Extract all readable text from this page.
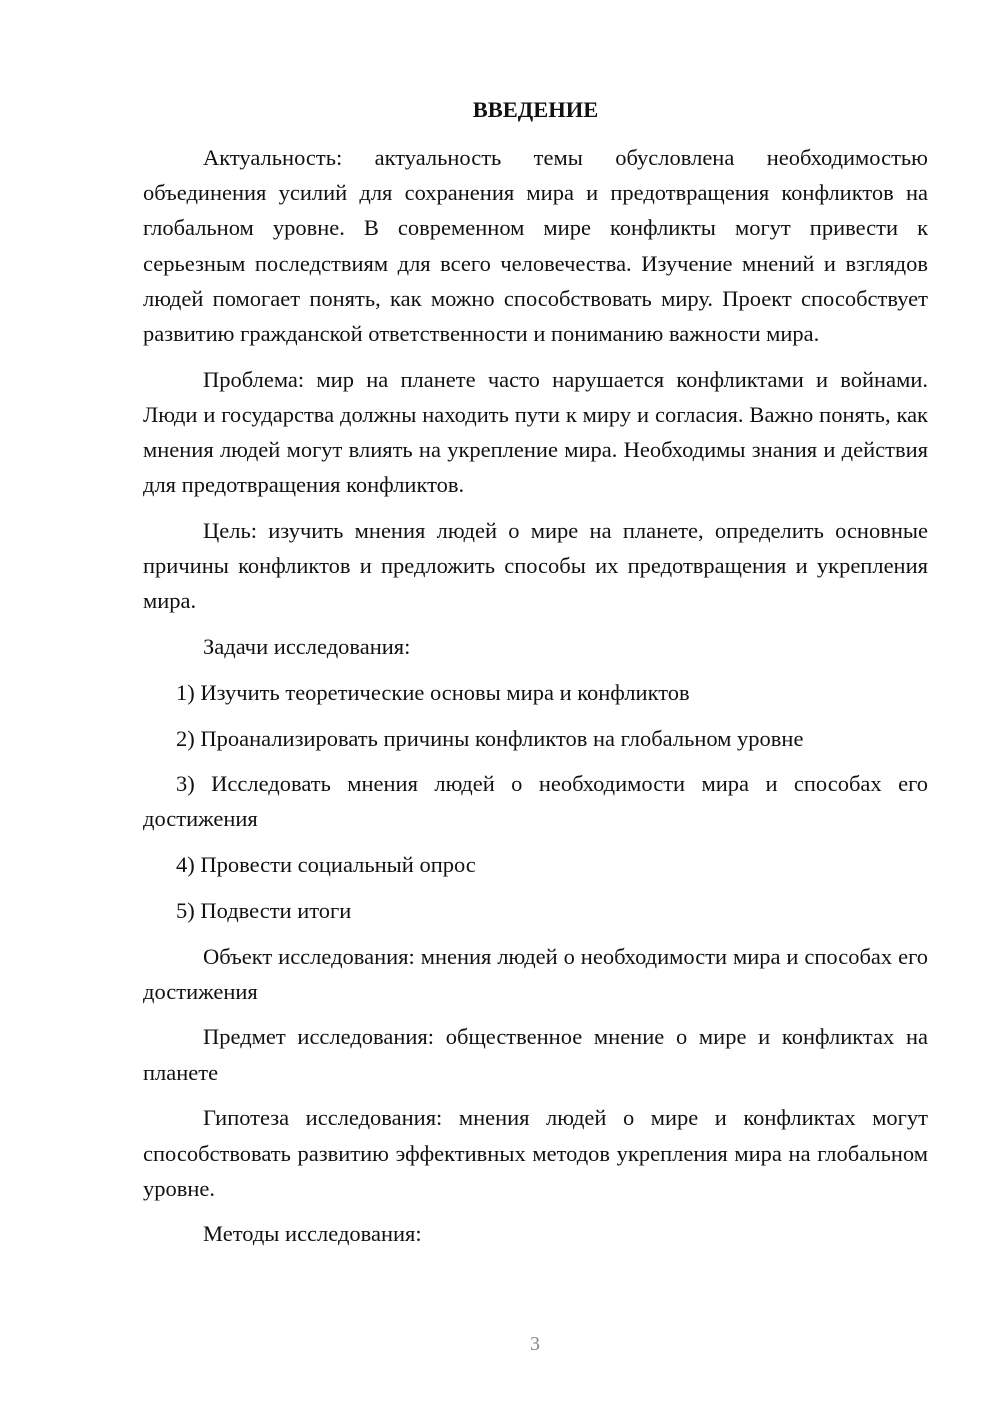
ВВЕДЕНИЕ

Актуальность: актуальность темы обусловлена необходимостью объединения усилий для сохранения мира и предотвращения конфликтов на глобальном уровне. В современном мире конфликты могут привести к серьезным последствиям для всего человечества. Изучение мнений и взглядов людей помогает понять, как можно способствовать миру. Проект способствует развитию гражданской ответственности и пониманию важности мира.

Проблема: мир на планете часто нарушается конфликтами и войнами. Люди и государства должны находить пути к миру и согласия. Важно понять, как мнения людей могут влиять на укрепление мира. Необходимы знания и действия для предотвращения конфликтов.

Цель: изучить мнения людей о мире на планете, определить основные причины конфликтов и предложить способы их предотвращения и укрепления мира.

Задачи исследования:

1) Изучить теоретические основы мира и конфликтов

2) Проанализировать причины конфликтов на глобальном уровне

3) Исследовать мнения людей о необходимости мира и способах его достижения

4) Провести социальный опрос

5) Подвести итоги

Объект исследования: мнения людей о необходимости мира и способах его достижения

Предмет исследования: общественное мнение о мире и конфликтах на планете

Гипотеза исследования: мнения людей о мире и конфликтах могут способствовать развитию эффективных методов укрепления мира на глобальном уровне.

Методы исследования:

3
